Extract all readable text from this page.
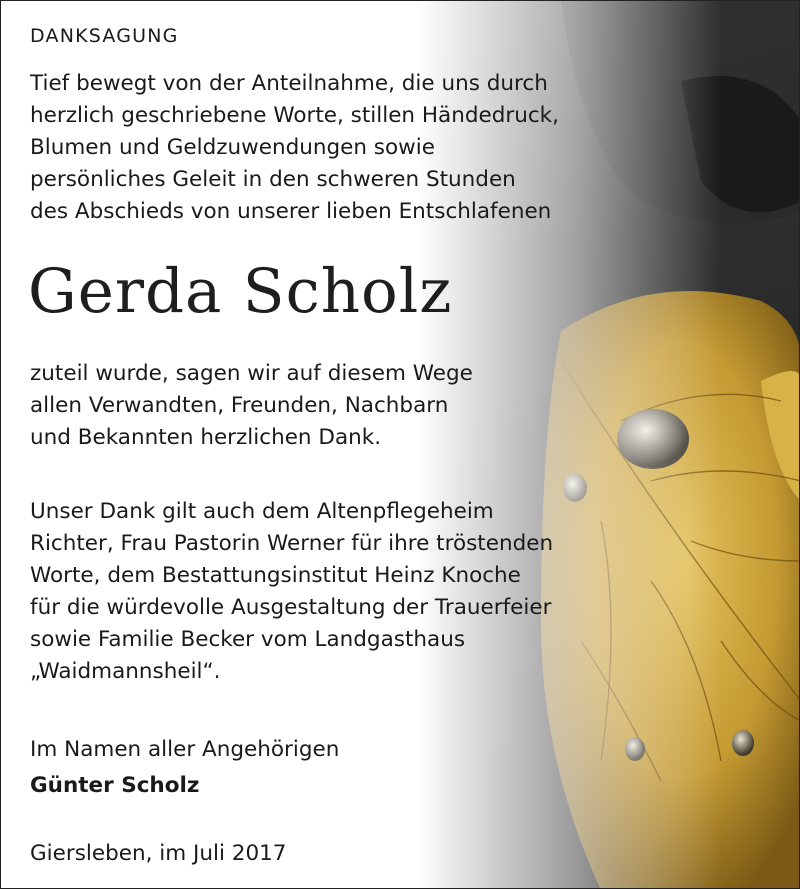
DANKSAGUNG

Tief bewegt von der Anteilnahme, die uns durch
herzlich geschriebene Worte, stillen Händedruck,
Blumen und Geldzuwendungen sowie
persönliches Geleit in den schweren Stunden
des Abschieds von unserer lieben Entschlafenen

Gerda Scholz

zuteil wurde, sagen wir auf diesem Wege
allen Verwandten, Freunden, Nachbarn
und Bekannten herzlichen Dank.

Unser Dank gilt auch dem Altenpflegeheim
Richter, Frau Pastorin Werner für ihre tröstenden
Worte, dem Bestattungsinstitut Heinz Knoche
für die würdevolle Ausgestaltung der Trauerfeier
sowie Familie Becker vom Landgasthaus
„Waidmannsheil“.

Im Namen aller Angehörigen
Günter Scholz
Giersleben, im Juli 2017
